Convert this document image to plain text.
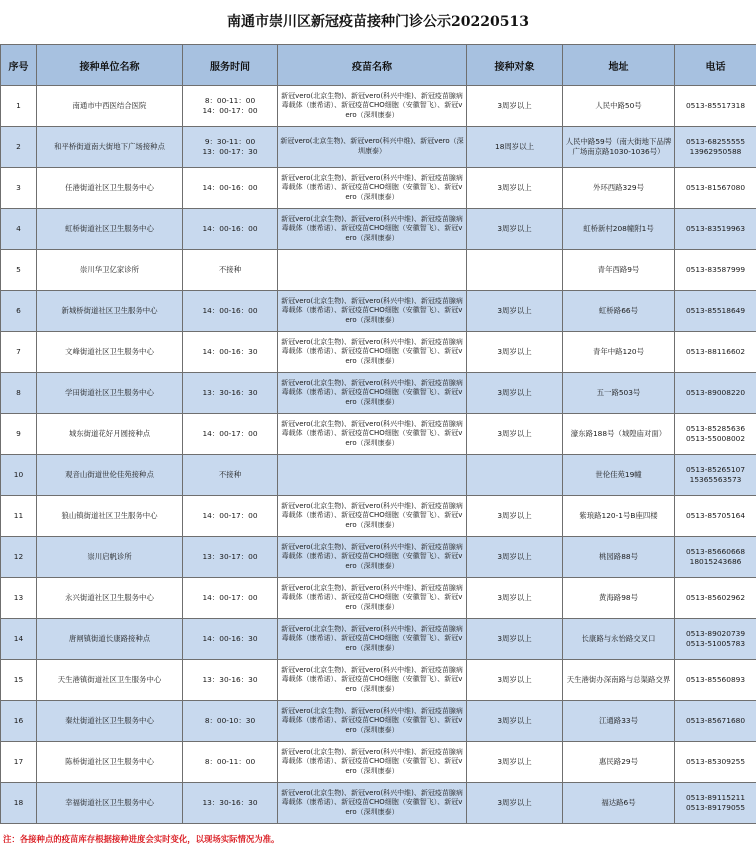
南通市崇川区新冠疫苗接种门诊公示20220513
序号	接种单位名称	服务时间	疫苗名称	接种对象	地址	电话
1	南通市中西医结合医院	8：00-11：00
14：00-17：00	新冠vero(北京生物)、新冠vero(科兴中维)、新冠疫苗腺病毒载体（康希诺）、新冠疫苗CHO细胞（安徽智飞）、新冠vero（深圳康泰）	3周岁以上	人民中路50号	0513-85517318
2	和平桥街道南大街地下广场接种点	9：30-11：00
13：00-17：30	新冠vero(北京生物)、新冠vero(科兴中维)、新冠vero（深圳康泰）	18周岁以上	人民中路59号（南大街地下品牌广场南京路1030-1036号）	0513-68255555
13962950588
3	任港街道社区卫生服务中心	14：00-16：00	新冠vero(北京生物)、新冠vero(科兴中维)、新冠疫苗腺病毒载体（康希诺）、新冠疫苗CHO细胞（安徽智飞）、新冠vero（深圳康泰）	3周岁以上	外环西路329号	0513-81567080
4	虹桥街道社区卫生服务中心	14：00-16：00	新冠vero(北京生物)、新冠vero(科兴中维)、新冠疫苗腺病毒载体（康希诺）、新冠疫苗CHO细胞（安徽智飞）、新冠vero（深圳康泰）	3周岁以上	虹桥新村208幢附1号	0513-83519963
5	崇川华卫亿家诊所	不接种			青年西路9号	0513-83587999
6	新城桥街道社区卫生服务中心	14：00-16：00	新冠vero(北京生物)、新冠vero(科兴中维)、新冠疫苗腺病毒载体（康希诺）、新冠疫苗CHO细胞（安徽智飞）、新冠vero（深圳康泰）	3周岁以上	虹桥路66号	0513-85518649
7	文峰街道社区卫生服务中心	14：00-16：30	新冠vero(北京生物)、新冠vero(科兴中维)、新冠疫苗腺病毒载体（康希诺）、新冠疫苗CHO细胞（安徽智飞）、新冠vero（深圳康泰）	3周岁以上	青年中路120号	0513-88116602
8	学田街道社区卫生服务中心	13：30-16：30	新冠vero(北京生物)、新冠vero(科兴中维)、新冠疫苗腺病毒载体（康希诺）、新冠疫苗CHO细胞（安徽智飞）、新冠vero（深圳康泰）	3周岁以上	五一路503号	0513-89008220
9	城东街道花好月圆接种点	14：00-17：00	新冠vero(北京生物)、新冠vero(科兴中维)、新冠疫苗腺病毒载体（康希诺）、新冠疫苗CHO细胞（安徽智飞）、新冠vero（深圳康泰）	3周岁以上	濠东路188号（城隍庙对面）	0513-85285636
0513-55008002
10	观音山街道世伦佳苑接种点	不接种			世伦佳苑19幢	0513-85265107
15365563573
11	狼山镇街道社区卫生服务中心	14：00-17：00	新冠vero(北京生物)、新冠vero(科兴中维)、新冠疫苗腺病毒载体（康希诺）、新冠疫苗CHO细胞（安徽智飞）、新冠vero（深圳康泰）	3周岁以上	紫琅路120-1号B座四楼	0513-85705164
12	崇川启帆诊所	13：30-17：00	新冠vero(北京生物)、新冠vero(科兴中维)、新冠疫苗腺病毒载体（康希诺）、新冠疫苗CHO细胞（安徽智飞）、新冠vero（深圳康泰）	3周岁以上	桃园路88号	0513-85660668
18015243686
13	永兴街道社区卫生服务中心	14：00-17：00	新冠vero(北京生物)、新冠vero(科兴中维)、新冠疫苗腺病毒载体（康希诺）、新冠疫苗CHO细胞（安徽智飞）、新冠vero（深圳康泰）	3周岁以上	黄海路98号	0513-85602962
14	唐闸镇街道长康路接种点	14：00-16：30	新冠vero(北京生物)、新冠vero(科兴中维)、新冠疫苗腺病毒载体（康希诺）、新冠疫苗CHO细胞（安徽智飞）、新冠vero（深圳康泰）	3周岁以上	长康路与永怡路交叉口	0513-89020739
0513-51005783
15	天生港镇街道社区卫生服务中心	13：30-16：30	新冠vero(北京生物)、新冠vero(科兴中维)、新冠疫苗腺病毒载体（康希诺）、新冠疫苗CHO细胞（安徽智飞）、新冠vero（深圳康泰）	3周岁以上	天生港街办深南路与总渠路交界	0513-85560893
16	秦灶街道社区卫生服务中心	8：00-10：30	新冠vero(北京生物)、新冠vero(科兴中维)、新冠疫苗腺病毒载体（康希诺）、新冠疫苗CHO细胞（安徽智飞）、新冠vero（深圳康泰）	3周岁以上	江通路33号	0513-85671680
17	陈桥街道社区卫生服务中心	8：00-11：00	新冠vero(北京生物)、新冠vero(科兴中维)、新冠疫苗腺病毒载体（康希诺）、新冠疫苗CHO细胞（安徽智飞）、新冠vero（深圳康泰）	3周岁以上	惠民路29号	0513-85309255
18	幸福街道社区卫生服务中心	13：30-16：30	新冠vero(北京生物)、新冠vero(科兴中维)、新冠疫苗腺病毒载体（康希诺）、新冠疫苗CHO细胞（安徽智飞）、新冠vero（深圳康泰）	3周岁以上	福达路6号	0513-89115211
0513-89179055
注：各接种点的疫苗库存根据接种进度会实时变化，以现场实际情况为准。
